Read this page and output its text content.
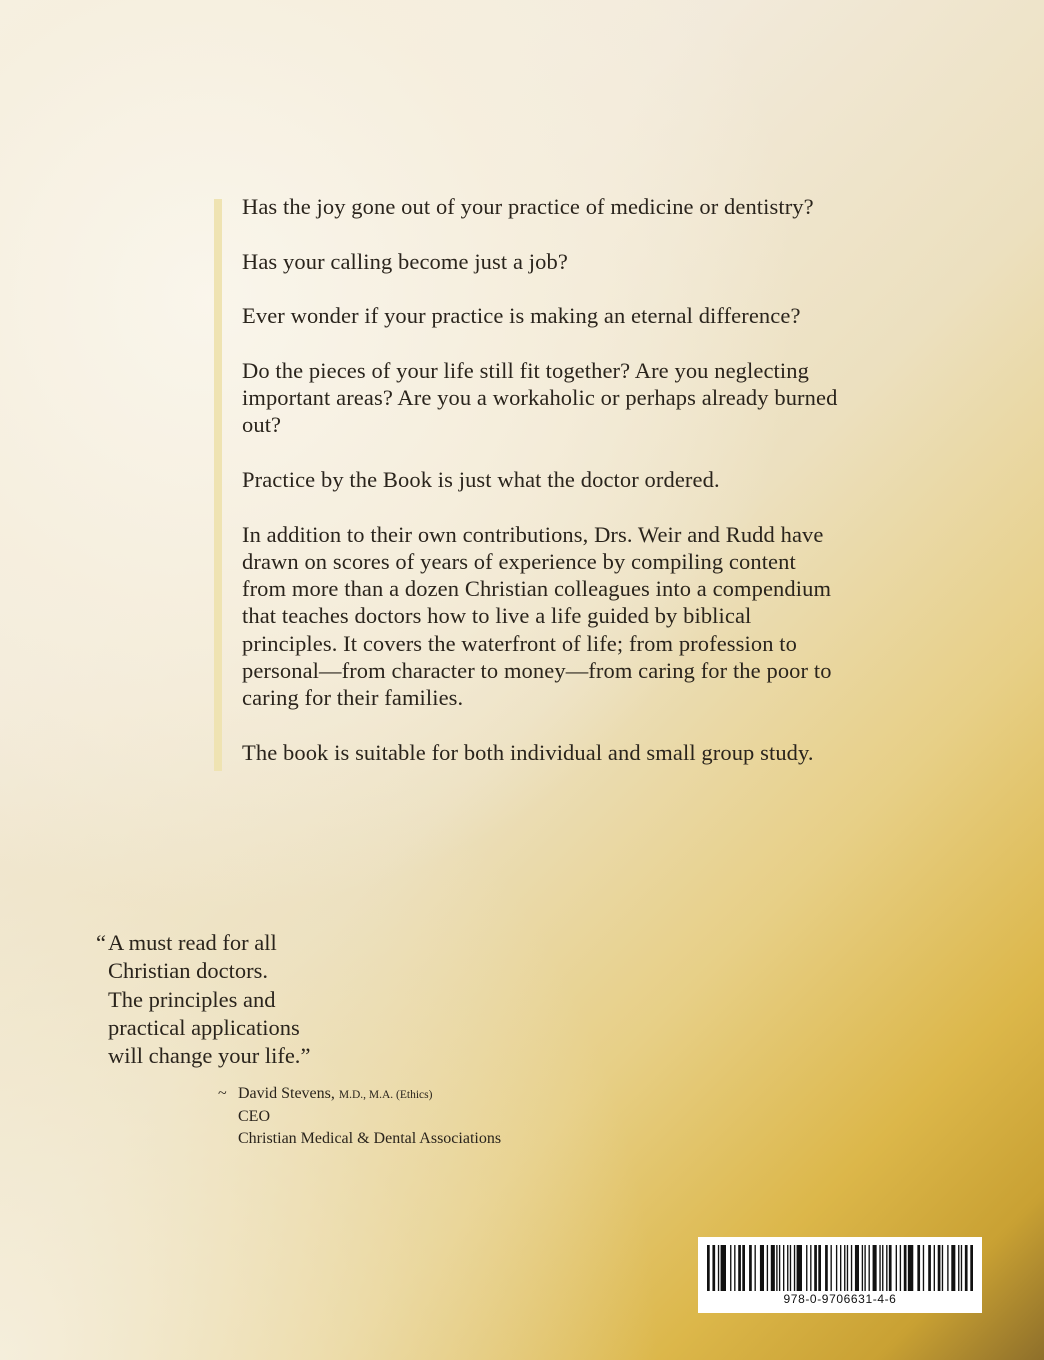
Has the joy gone out of your practice of medicine or dentistry?

Has your calling become just a job?

Ever wonder if your practice is making an eternal difference?

Do the pieces of your life still fit together? Are you neglecting important areas? Are you a workaholic or perhaps already burned out?

Practice by the Book is just what the doctor ordered.

In addition to their own contributions, Drs. Weir and Rudd have drawn on scores of years of experience by compiling content from more than a dozen Christian colleagues into a compendium that teaches doctors how to live a life guided by biblical principles. It covers the waterfront of life; from profession to personal—from character to money—from caring for the poor to caring for their families.

The book is suitable for both individual and small group study.

“A must read for all
Christian doctors.
The principles and
practical applications
will change your life.”
~ David Stevens, M.D., M.A. (Ethics)
CEO
Christian Medical & Dental Associations
978-0-9706631-4-6
